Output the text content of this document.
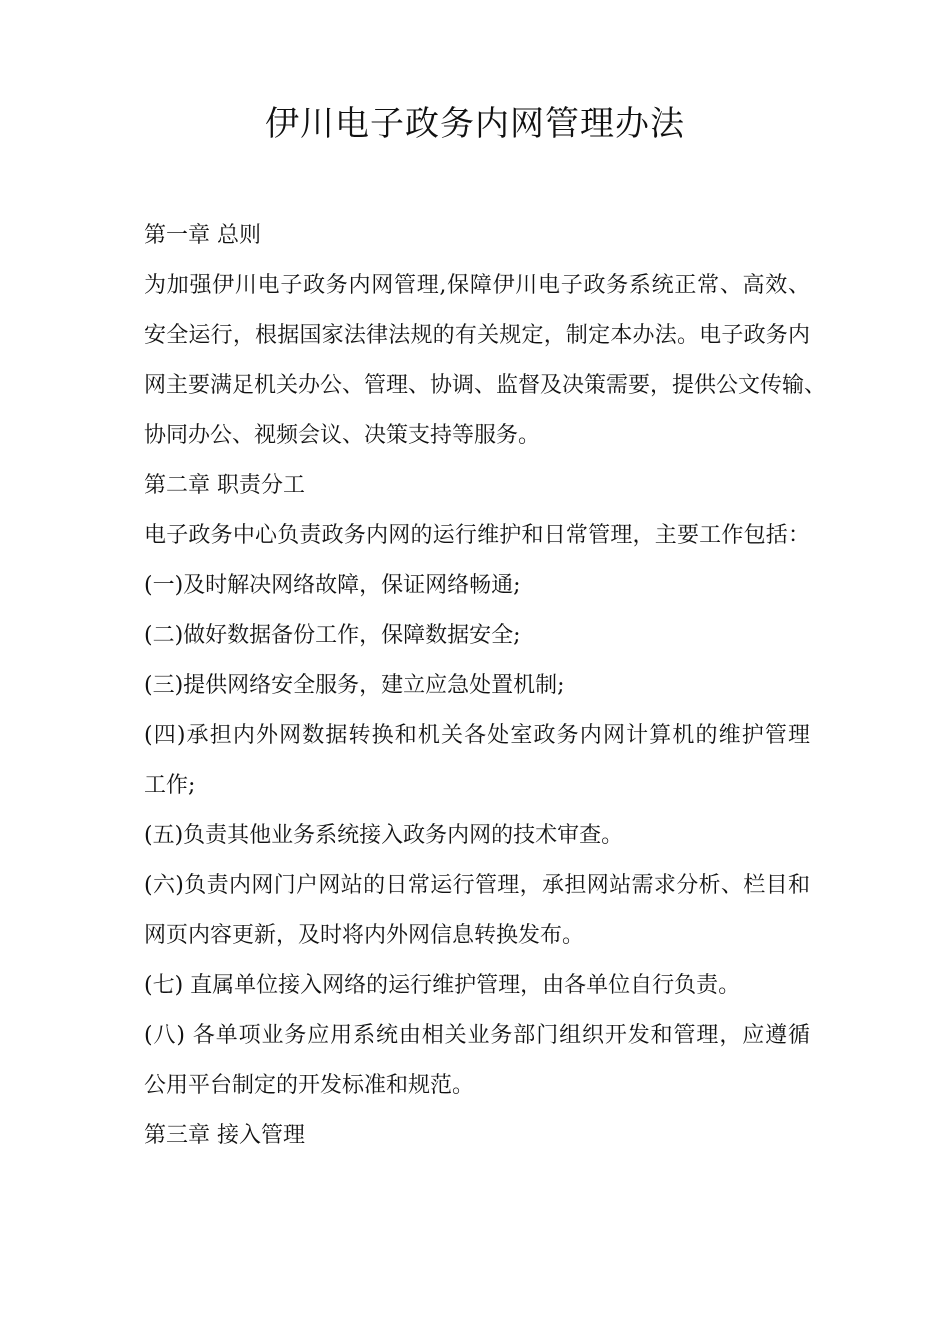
伊川电子政务内网管理办法
第一章 总则
为加强伊川电子政务内网管理,保障伊川电子政务系统正常、高效、
安全运行，根据国家法律法规的有关规定，制定本办法。电子政务内
网主要满足机关办公、管理、协调、监督及决策需要，提供公文传输、
协同办公、视频会议、决策支持等服务。
第二章 职责分工
电子政务中心负责政务内网的运行维护和日常管理，主要工作包括：
(一)及时解决网络故障，保证网络畅通;
(二)做好数据备份工作，保障数据安全;
(三)提供网络安全服务，建立应急处置机制;
(四)承担内外网数据转换和机关各处室政务内网计算机的维护管理
工作;
(五)负责其他业务系统接入政务内网的技术审查。
(六)负责内网门户网站的日常运行管理，承担网站需求分析、栏目和
网页内容更新，及时将内外网信息转换发布。
(七) 直属单位接入网络的运行维护管理，由各单位自行负责。
(八) 各单项业务应用系统由相关业务部门组织开发和管理，应遵循
公用平台制定的开发标准和规范。
第三章 接入管理
